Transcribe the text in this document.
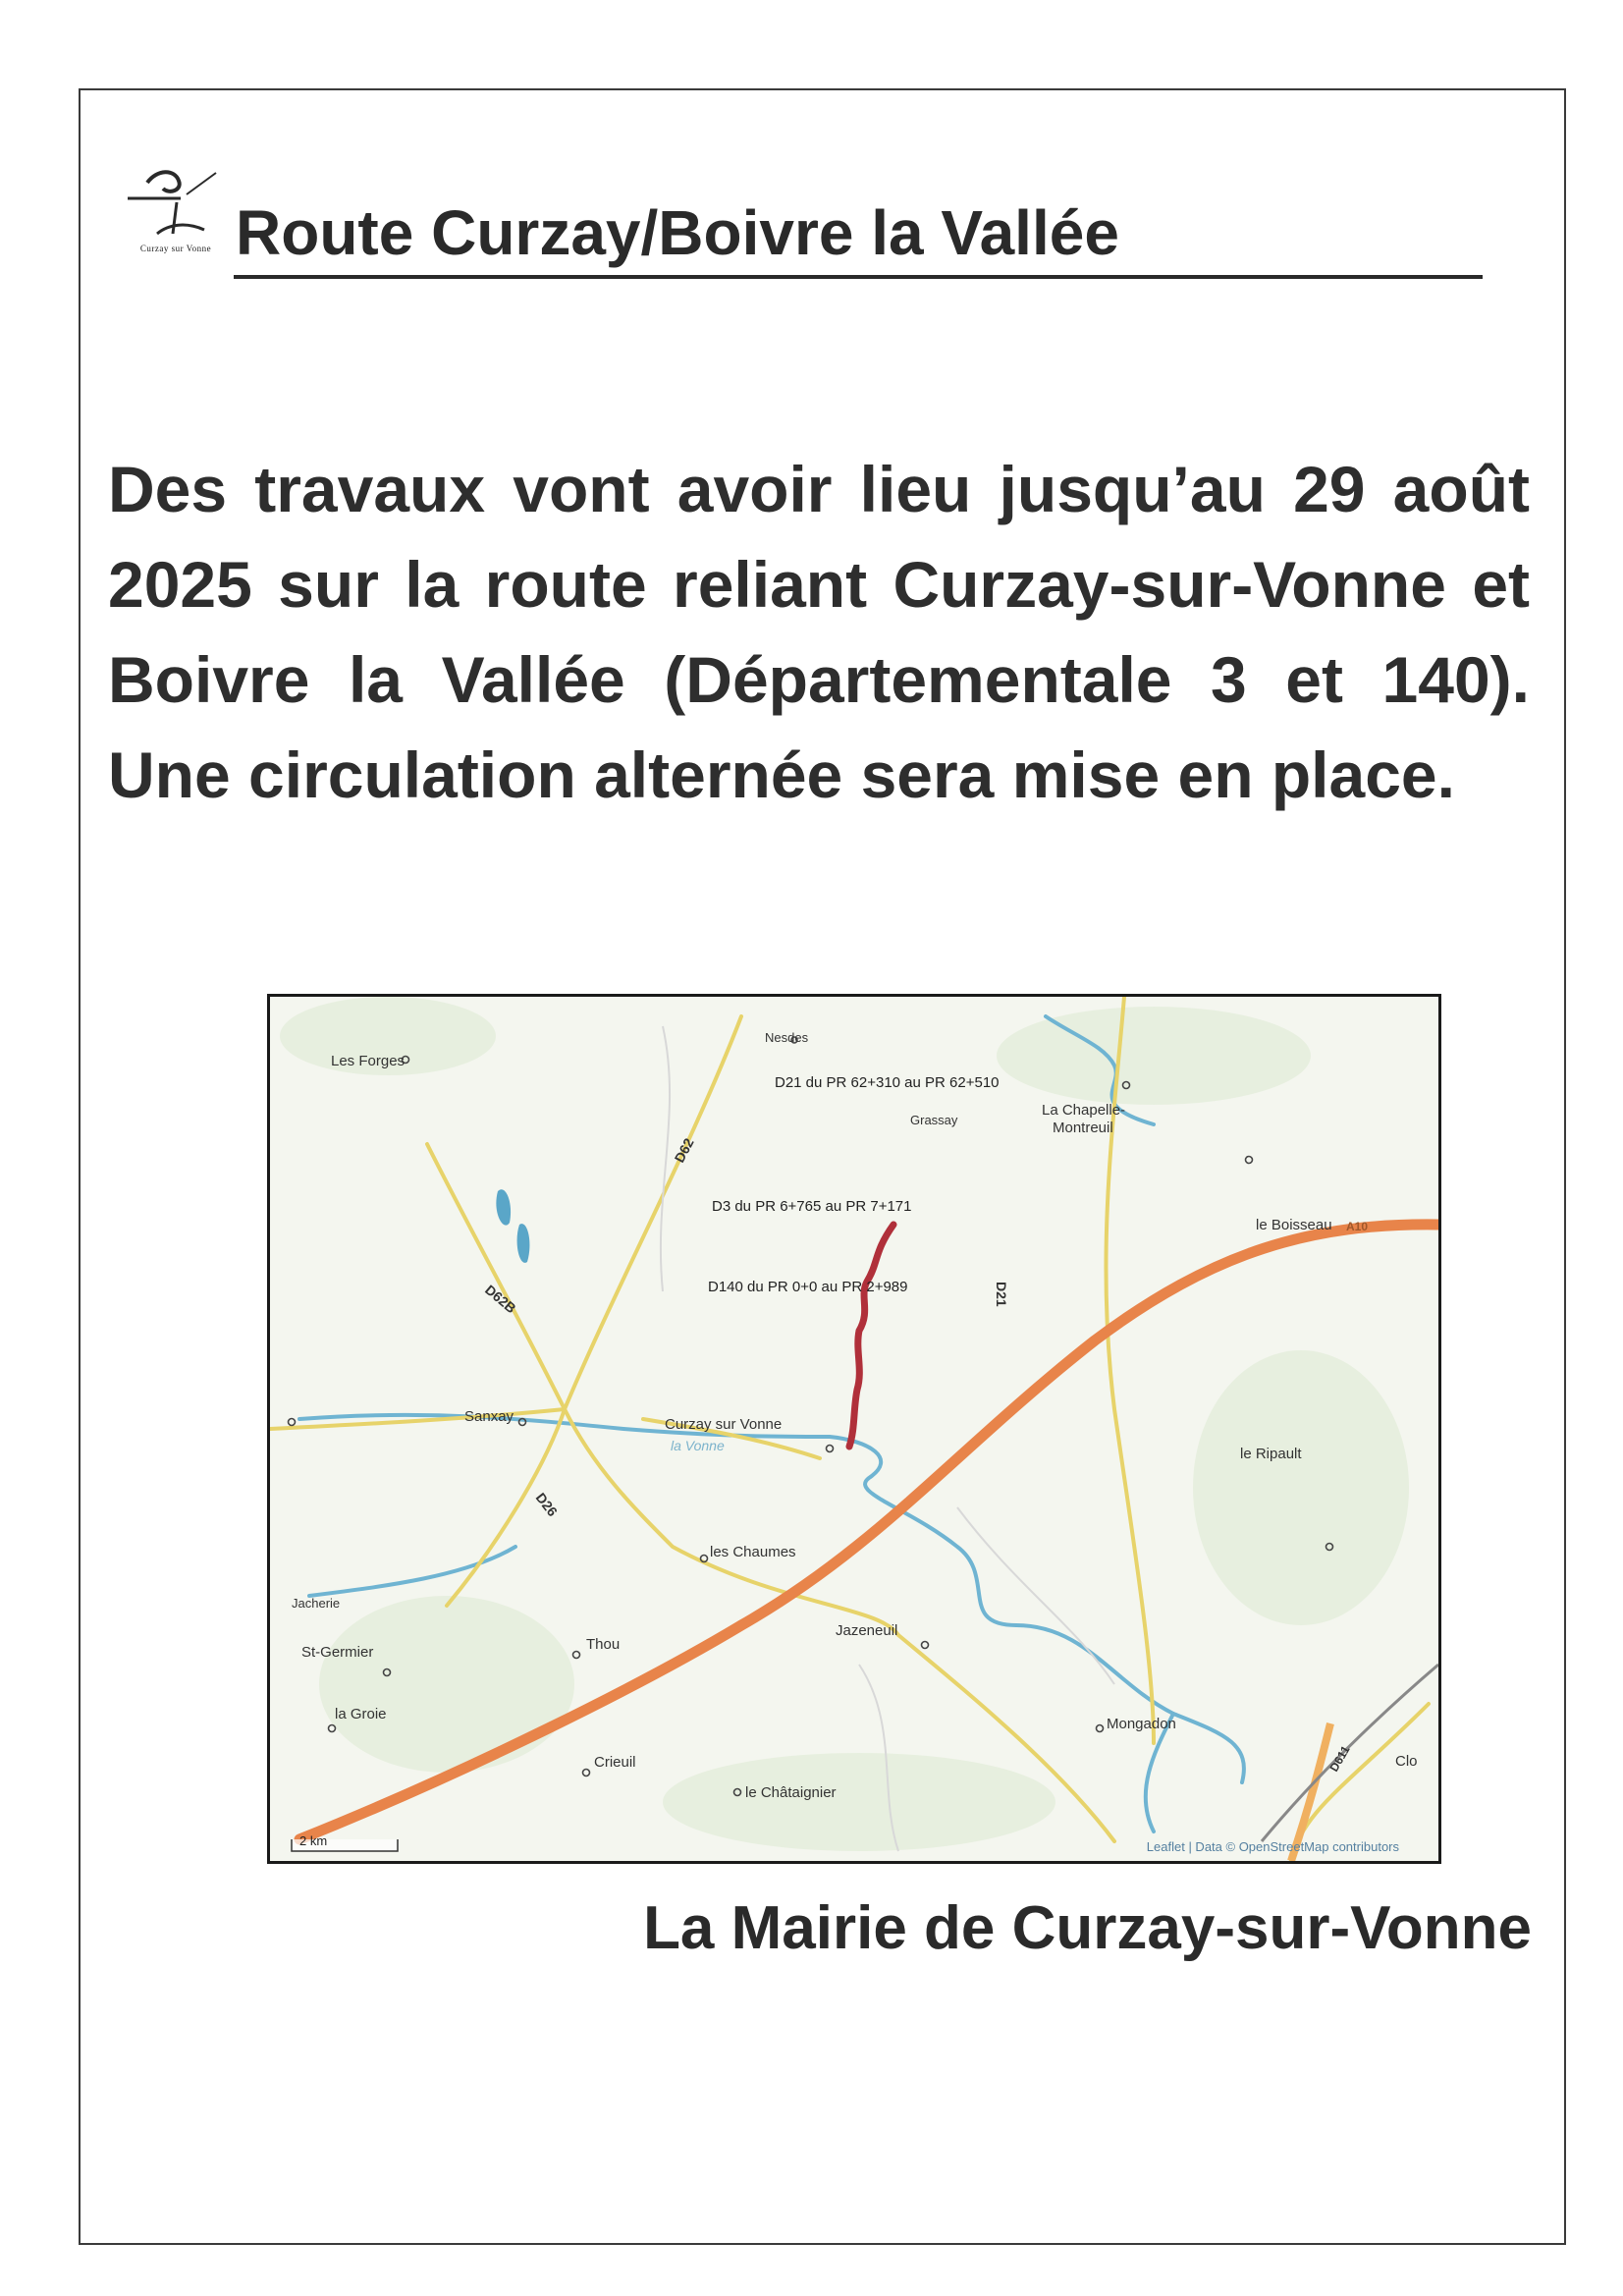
Curzay sur Vonne Route Curzay/Boivre la Vallée

Des travaux vont avoir lieu jusqu’au 29 août 2025 sur la route reliant Curzay-sur-Vonne et Boivre la Vallée (Départementale 3 et 140). Une circulation alternée sera mise en place.

Les Forges
Nesdes
Grassay
La Chapelle-
Montreuil
le Boisseau
Sanxay	Curzay sur Vonne
la Vonne	le Ripault
les Chaumes
Jacherie
St-Germier	Thou
Jazeneuil
la Groie
Mongadon
Crieuil
le Châtaignier
Clo
D62
D62B
D26
D21
A10
D611
D21 du PR 62+310 au PR 62+510
D3 du PR 6+765 au PR 7+171
D140 du PR 0+0 au PR 2+989
2 km	Leaflet | Data © OpenStreetMap contributors

La Mairie de Curzay-sur-Vonne
